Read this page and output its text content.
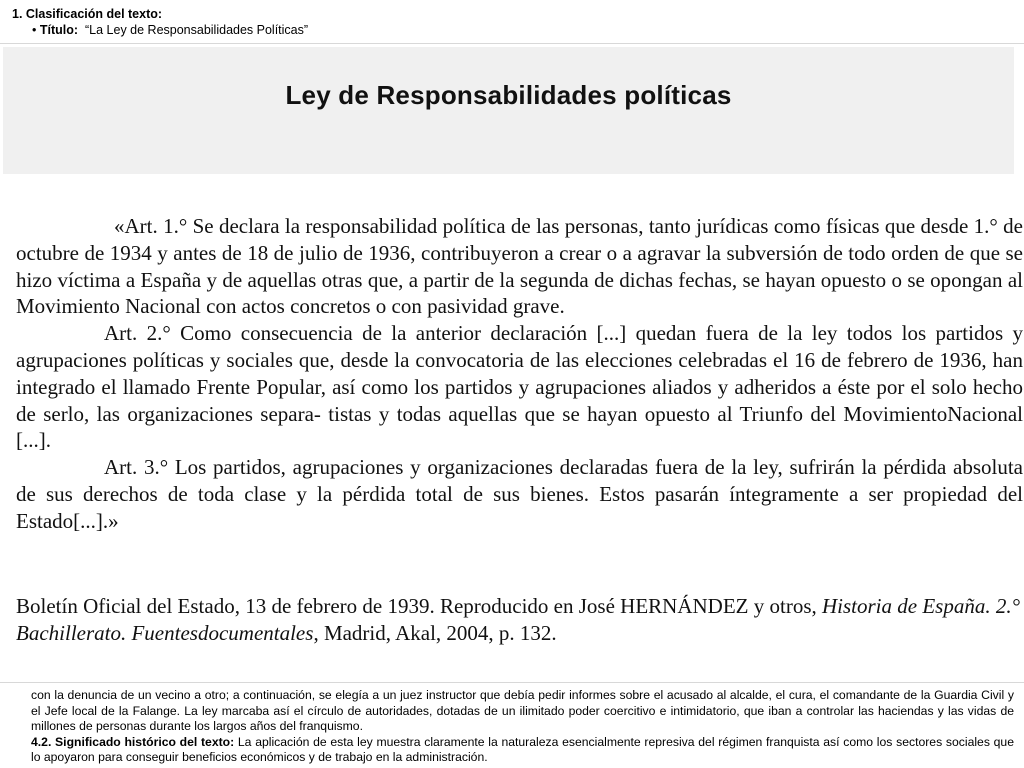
1. Clasificación del texto:
• Título: “La Ley de Responsabilidades Políticas”

con la denuncia de un vecino a otro; a continuación, se elegía a un juez instructor que debía pedir informes sobre el acusado al alcalde, el cura, el comandante de la Guardia Civil y el Jefe local de la Falange. La ley marcaba así el círculo de autoridades, dotadas de un ilimitado poder coercitivo e intimidatorio, que iban a controlar las haciendas y las vidas de millones de personas durante los largos años del franquismo.

4.2. Significado histórico del texto: La aplicación de esta ley muestra claramente la naturaleza esencialmente represiva del régimen franquista así como los sectores sociales que lo apoyaron para conseguir beneficios económicos y de trabajo en la administración.

Ley de Responsabilidades políticas

«Art. 1.° Se declara la responsabilidad política de las personas, tanto jurídicas como físicas que desde 1.° de octubre de 1934 y antes de 18 de julio de 1936, contribuyeron a crear o a agravar la subversión de todo orden de que se hizo víctima a España y de aquellas otras que, a partir de la segunda de dichas fechas, se hayan opuesto o se opongan al Movimiento Nacional con actos concretos o con pasividad grave.

Art. 2.° Como consecuencia de la anterior declaración [...] quedan fuera de la ley todos los partidos y agrupaciones políticas y sociales que, desde la convocatoria de las elecciones celebradas el 16 de febrero de 1936, han integrado el llamado Frente Popular, así como los partidos y agrupaciones aliados y adheridos a éste por el solo hecho de serlo, las organizaciones separa- tistas y todas aquellas que se hayan opuesto al Triunfo del MovimientoNacional [...].

Art. 3.° Los partidos, agrupaciones y organizaciones declaradas fuera de la ley, sufrirán la pérdida absoluta de sus derechos de toda clase y la pérdida total de sus bienes. Estos pasarán íntegramente a ser propiedad del Estado[...].»

Boletín Oficial del Estado, 13 de febrero de 1939. Reproducido en José HERNÁNDEZ y otros, Historia de España. 2.° Bachillerato. Fuentesdocumentales, Madrid, Akal, 2004, p. 132.
